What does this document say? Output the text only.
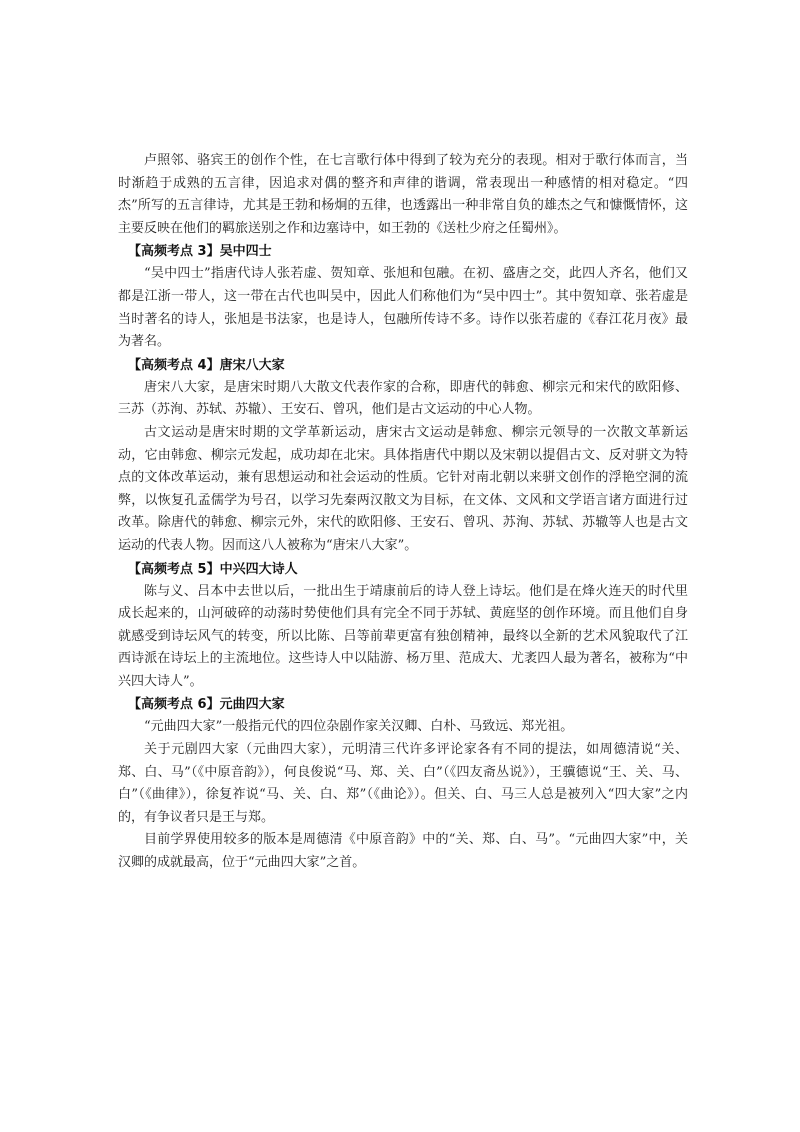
卢照邻、骆宾王的创作个性，在七言歌行体中得到了较为充分的表现。相对于歌行体而言，当时渐趋于成熟的五言律，因追求对偶的整齐和声律的谐调，常表现出一种感情的相对稳定。“四杰”所写的五言律诗，尤其是王勃和杨炯的五律，也透露出一种非常自负的雄杰之气和慷慨情怀，这主要反映在他们的羁旅送别之作和边塞诗中，如王勃的《送杜少府之任蜀州》。

【高频考点 3】吴中四士

“吴中四士”指唐代诗人张若虚、贺知章、张旭和包融。在初、盛唐之交，此四人齐名，他们又都是江浙一带人，这一带在古代也叫吴中，因此人们称他们为“吴中四士”。其中贺知章、张若虚是当时著名的诗人，张旭是书法家，也是诗人，包融所传诗不多。诗作以张若虚的《春江花月夜》最为著名。

【高频考点 4】唐宋八大家

唐宋八大家，是唐宋时期八大散文代表作家的合称，即唐代的韩愈、柳宗元和宋代的欧阳修、三苏（苏洵、苏轼、苏辙）、王安石、曾巩，他们是古文运动的中心人物。

古文运动是唐宋时期的文学革新运动，唐宋古文运动是韩愈、柳宗元领导的一次散文革新运动，它由韩愈、柳宗元发起，成功却在北宋。具体指唐代中期以及宋朝以提倡古文、反对骈文为特点的文体改革运动，兼有思想运动和社会运动的性质。它针对南北朝以来骈文创作的浮艳空洞的流弊，以恢复孔孟儒学为号召，以学习先秦两汉散文为目标，在文体、文风和文学语言诸方面进行过改革。除唐代的韩愈、柳宗元外，宋代的欧阳修、王安石、曾巩、苏洵、苏轼、苏辙等人也是古文运动的代表人物。因而这八人被称为“唐宋八大家”。

【高频考点 5】中兴四大诗人

陈与义、吕本中去世以后，一批出生于靖康前后的诗人登上诗坛。他们是在烽火连天的时代里成长起来的，山河破碎的动荡时势使他们具有完全不同于苏轼、黄庭坚的创作环境。而且他们自身就感受到诗坛风气的转变，所以比陈、吕等前辈更富有独创精神，最终以全新的艺术风貌取代了江西诗派在诗坛上的主流地位。这些诗人中以陆游、杨万里、范成大、尤袤四人最为著名，被称为“中兴四大诗人”。

【高频考点 6】元曲四大家

“元曲四大家”一般指元代的四位杂剧作家关汉卿、白朴、马致远、郑光祖。

关于元剧四大家（元曲四大家），元明清三代许多评论家各有不同的提法，如周德清说“关、郑、白、马”（《中原音韵》），何良俊说“马、郑、关、白”（《四友斋丛说》），王骥德说“王、关、马、白”（《曲律》），徐复祚说“马、关、白、郑”（《曲论》）。但关、白、马三人总是被列入“四大家”之内的，有争议者只是王与郑。

目前学界使用较多的版本是周德清《中原音韵》中的“关、郑、白、马”。“元曲四大家”中，关汉卿的成就最高，位于“元曲四大家”之首。
